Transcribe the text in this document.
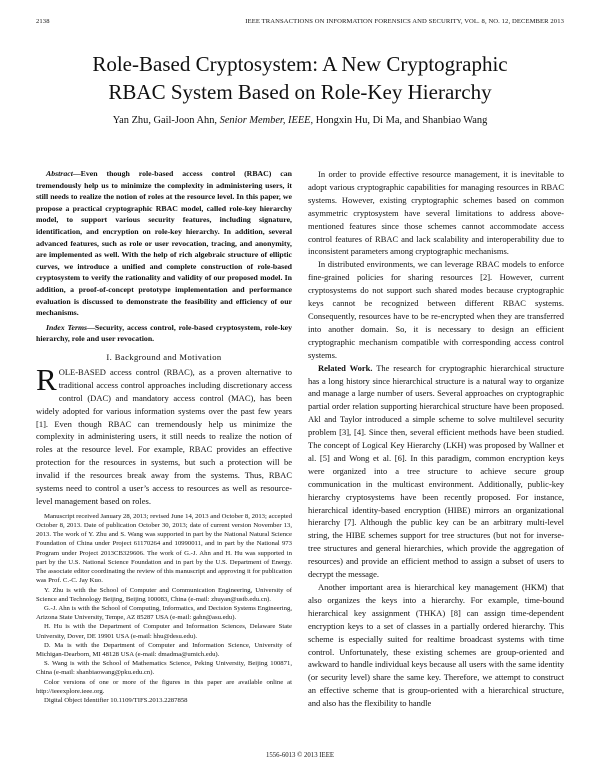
2138	IEEE TRANSACTIONS ON INFORMATION FORENSICS AND SECURITY, VOL. 8, NO. 12, DECEMBER 2013
Role-Based Cryptosystem: A New Cryptographic
RBAC System Based on Role-Key Hierarchy
Yan Zhu, Gail-Joon Ahn, Senior Member, IEEE, Hongxin Hu, Di Ma, and Shanbiao Wang

Abstract—Even though role-based access control (RBAC) can tremendously help us to minimize the complexity in administering users, it still needs to realize the notion of roles at the resource level. In this paper, we propose a practical cryptographic RBAC model, called role-key hierarchy model, to support various security features, including signature, identification, and encryption on role-key hierarchy. In addition, several advanced features, such as role or user revocation, tracing, and anonymity, are implemented as well. With the help of rich algebraic structure of elliptic curves, we introduce a unified and complete construction of role-based cryptosystem to verify the rationality and validity of our proposed model. In addition, a proof-of-concept prototype implementation and performance evaluation is discussed to demonstrate the feasibility and efficiency of our mechanisms.

Index Terms—Security, access control, role-based cryptosystem, role-key hierarchy, role and user revocation.

I. Background and Motivation

ROLE-BASED access control (RBAC), as a proven alternative to traditional access control approaches including discretionary access control (DAC) and mandatory access control (MAC), has been widely adopted for various information systems over the past few years [1]. Even though RBAC can tremendously help us minimize the complexity in administering users, it still needs to realize the notion of roles at the resource level. For example, RBAC provides an effective protection for the resources in systems, but such a protection will be invalid if the resources break away from the systems. Thus, RBAC systems need to control a user’s access to resources as well as resource-level management based on roles.

Manuscript received January 28, 2013; revised June 14, 2013 and October 8, 2013; accepted October 8, 2013. Date of publication October 30, 2013; date of current version November 13, 2013. The work of Y. Zhu and S. Wang was supported in part by the National Natural Science Foundation of China under Project 61170264 and 10990011, and in part by the National 973 Program under Project 2013CB329606. The work of G.-J. Ahn and H. Hu was supported in part by the U.S. National Science Foundation and in part by the U.S. Department of Energy. The associate editor coordinating the review of this manuscript and approving it for publication was Prof. C.-C. Jay Kuo.

Y. Zhu is with the School of Computer and Communication Engineering, University of Science and Technology Beijing, Beijing 100083, China (e-mail: zhuyan@ustb.edu.cn).

G.-J. Ahn is with the School of Computing, Informatics, and Decision Systems Engineering, Arizona State University, Tempe, AZ 85287 USA (e-mail: gahn@asu.edu).

H. Hu is with the Department of Computer and Information Sciences, Delaware State University, Dover, DE 19901 USA (e-mail: hhu@desu.edu).

D. Ma is with the Department of Computer and Information Science, University of Michigan-Dearborn, MI 48128 USA (e-mail: dmadma@umich.edu).

S. Wang is with the School of Mathematics Science, Peking University, Beijing 100871, China (e-mail: shanbiaowang@pku.edu.cn).

Color versions of one or more of the figures in this paper are available online at http://ieeexplore.ieee.org.

Digital Object Identifier 10.1109/TIFS.2013.2287858

In order to provide effective resource management, it is inevitable to adopt various cryptographic capabilities for managing resources in RBAC systems. However, existing cryptographic schemes based on common asymmetric cryptosystem have several limitations to address above-mentioned features since those schemes cannot accommodate access control features of RBAC and lack scalability and interoperability due to inconsistent parameters among cryptographic mechanisms.

In distributed environments, we can leverage RBAC models to enforce fine-grained policies for sharing resources [2]. However, current cryptosystems do not support such shared modes because cryptographic keys cannot be recognized between different RBAC systems. Consequently, resources have to be re-encrypted when they are transferred into another domain. So, it is necessary to design an efficient cryptographic mechanism compatible with corresponding access control systems.

Related Work. The research for cryptographic hierarchical structure has a long history since hierarchical structure is a natural way to organize and manage a large number of users. Several approaches on cryptographic partial order relation supporting hierarchical structure have been proposed. Akl and Taylor introduced a simple scheme to solve multilevel security problem [3], [4]. Since then, several efficient methods have been studied. The concept of Logical Key Hierarchy (LKH) was proposed by Wallner et al. [5] and Wong et al. [6]. In this paradigm, common encryption keys were organized into a tree structure to achieve secure group communication in the multicast environment. Additionally, public-key hierarchy cryptosystems have been recently proposed. For instance, hierarchical identity-based encryption (HIBE) mirrors an organizational hierarchy [7]. Although the public key can be an arbitrary multi-level string, the HIBE schemes support for tree structures (but not for inverse-tree structures and general hierarchies, which provide the aggregation of resources) and provide an efficient method to assign a subset of users to decrypt the message.

Another important area is hierarchical key management (HKM) that also organizes the keys into a hierarchy. For example, time-bound hierarchical key assignment (THKA) [8] can assign time-dependent encryption keys to a set of classes in a partially ordered hierarchy. This scheme is especially suited for realtime broadcast systems with time control. Unfortunately, these existing schemes are group-oriented and awkward to handle individual keys because all users with the same identity (or security level) share the same key. Therefore, we attempt to construct an effective scheme that is group-oriented with a hierarchical structure, and also has the flexibility to handle

1556-6013 © 2013 IEEE
